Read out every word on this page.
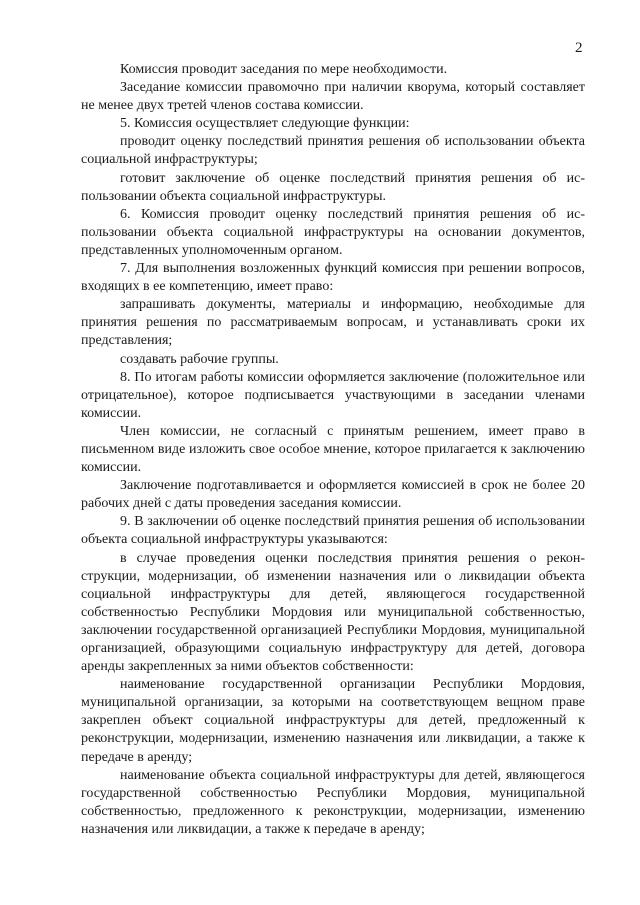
2

Комиссия проводит заседания по мере необходимости.

Заседание комиссии правомочно при наличии кворума, который составляет не менее двух третей членов состава комиссии.

5. Комиссия осуществляет следующие функции:

проводит оценку последствий принятия решения об использовании объекта социальной инфраструктуры;

готовит заключение об оценке последствий принятия решения об использовании объекта социальной инфраструктуры.

6. Комиссия проводит оценку последствий принятия решения об использовании объекта социальной инфраструктуры на основании документов, представленных уполномоченным органом.

7. Для выполнения возложенных функций комиссия при решении вопросов, входящих в ее компетенцию, имеет право:

запрашивать документы, материалы и информацию, необходимые для принятия решения по рассматриваемым вопросам, и устанавливать сроки их представления;

создавать рабочие группы.

8. По итогам работы комиссии оформляется заключение (положительное или отрицательное), которое подписывается участвующими в заседании членами комиссии.

Член комиссии, не согласный с принятым решением, имеет право в письменном виде изложить свое особое мнение, которое прилагается к заключению комиссии.

Заключение подготавливается и оформляется комиссией в срок не более 20 рабочих дней с даты проведения заседания комиссии.

9. В заключении об оценке последствий принятия решения об использовании объекта социальной инфраструктуры указываются:

в случае проведения оценки последствия принятия решения о реконструкции, модернизации, об изменении назначения или о ликвидации объекта социальной инфраструктуры для детей, являющегося государственной собственностью Республики Мордовия или муниципальной собственностью, заключении государственной организацией Республики Мордовия, муниципальной организацией, образующими социальную инфраструктуру для детей, договора аренды закрепленных за ними объектов собственности:

наименование государственной организации Республики Мордовия, муниципальной организации, за которыми на соответствующем вещном праве закреплен объект социальной инфраструктуры для детей, предложенный к реконструкции, модернизации, изменению назначения или ликвидации, а также к передаче в аренду;

наименование объекта социальной инфраструктуры для детей, являющегося государственной собственностью Республики Мордовия, муниципальной собственностью, предложенного к реконструкции, модернизации, изменению назначения или ликвидации, а также к передаче в аренду;
